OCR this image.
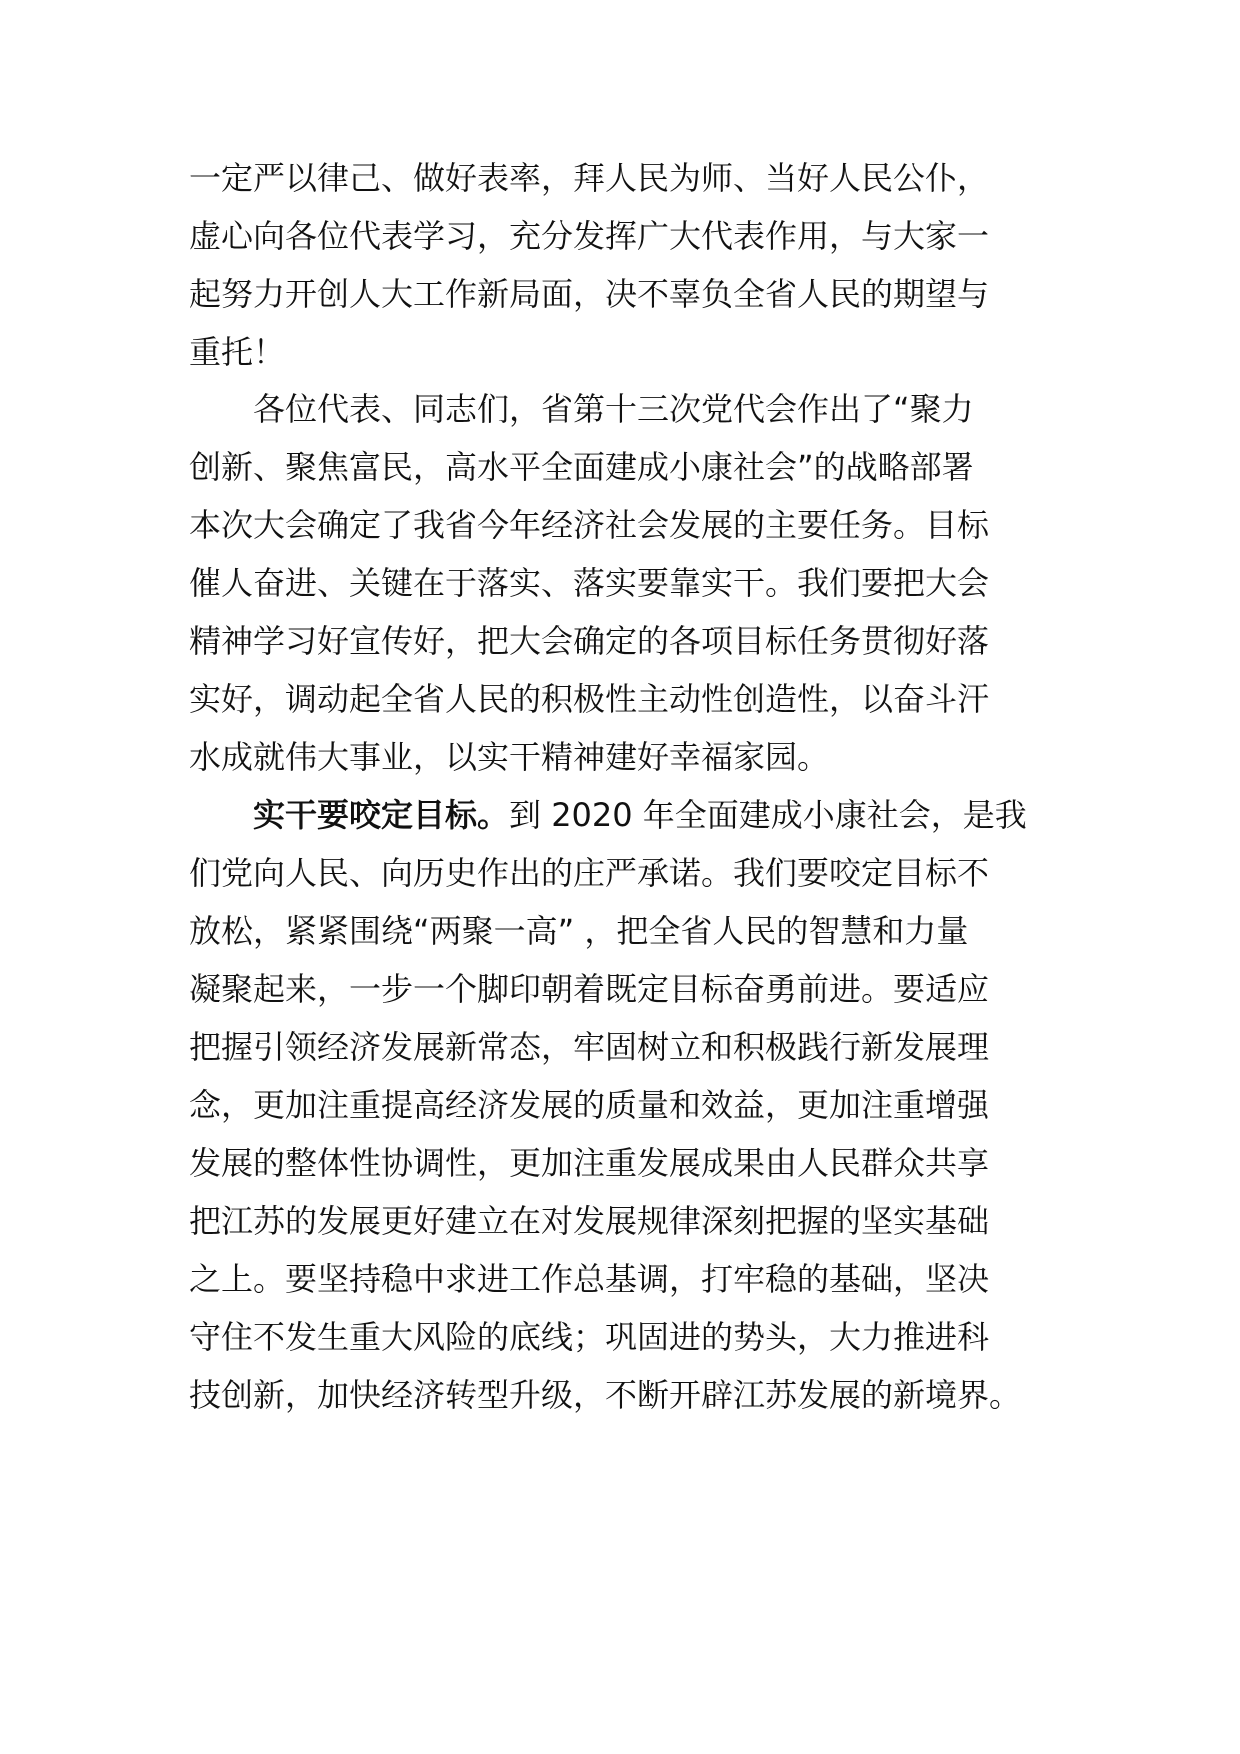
一定严以律己、做好表率，拜人民为师、当好人民公仆，
虚心向各位代表学习，充分发挥广大代表作用，与大家一
起努力开创人大工作新局面，决不辜负全省人民的期望与
重托！
各位代表、同志们，省第十三次党代会作出了“聚力
创新、聚焦富民，高水平全面建成小康社会”的战略部署
本次大会确定了我省今年经济社会发展的主要任务。目标
催人奋进、关键在于落实、落实要靠实干。我们要把大会
精神学习好宣传好，把大会确定的各项目标任务贯彻好落
实好，调动起全省人民的积极性主动性创造性，以奋斗汗
水成就伟大事业，以实干精神建好幸福家园。
实干要咬定目标。到 2020 年全面建成小康社会，是我
们党向人民、向历史作出的庄严承诺。我们要咬定目标不
放松，紧紧围绕“两聚一高” ，把全省人民的智慧和力量
凝聚起来，一步一个脚印朝着既定目标奋勇前进。要适应
把握引领经济发展新常态，牢固树立和积极践行新发展理
念，更加注重提高经济发展的质量和效益，更加注重增强
发展的整体性协调性，更加注重发展成果由人民群众共享
把江苏的发展更好建立在对发展规律深刻把握的坚实基础
之上。要坚持稳中求进工作总基调，打牢稳的基础，坚决
守住不发生重大风险的底线；巩固进的势头，大力推进科
技创新，加快经济转型升级，不断开辟江苏发展的新境界。
